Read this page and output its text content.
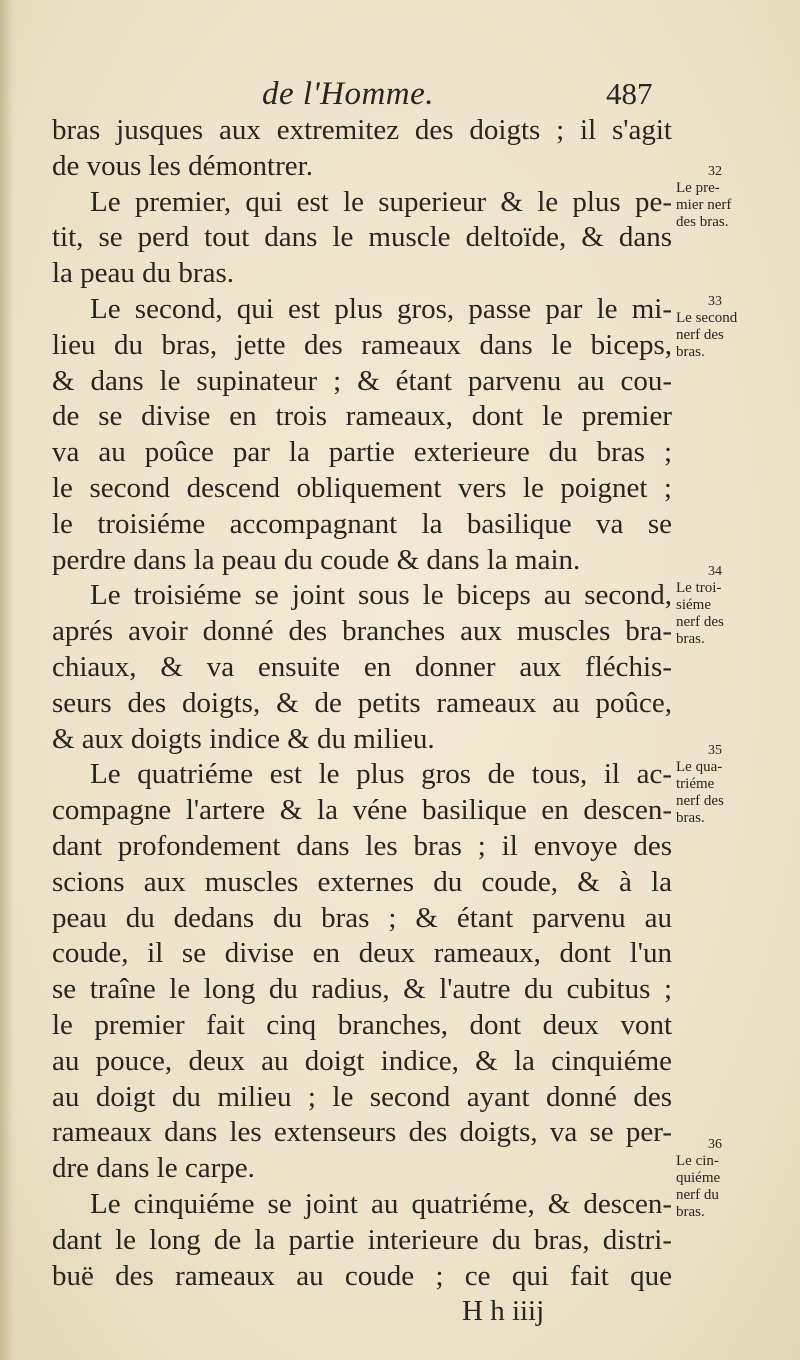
de l'Homme.	487
bras jusques aux extremitez des doigts ; il s'agit
de vous les démontrer.
Le premier, qui est le superieur & le plus pe-
tit, se perd tout dans le muscle deltoïde, & dans
la peau du bras.
Le second, qui est plus gros, passe par le mi-
lieu du bras, jette des rameaux dans le biceps,
& dans le supinateur ; & étant parvenu au cou-
de se divise en trois rameaux, dont le premier
va au poûce par la partie exterieure du bras ;
le second descend obliquement vers le poignet ;
le troisiéme accompagnant la basilique va se
perdre dans la peau du coude & dans la main.
Le troisiéme se joint sous le biceps au second,
aprés avoir donné des branches aux muscles bra-
chiaux, & va ensuite en donner aux fléchis-
seurs des doigts, & de petits rameaux au poûce,
& aux doigts indice & du milieu.
Le quatriéme est le plus gros de tous, il ac-
compagne l'artere & la véne basilique en descen-
dant profondement dans les bras ; il envoye des
scions aux muscles externes du coude, & à la
peau du dedans du bras ; & étant parvenu au
coude, il se divise en deux rameaux, dont l'un
se traîne le long du radius, & l'autre du cubitus ;
le premier fait cinq branches, dont deux vont
au pouce, deux au doigt indice, & la cinquiéme
au doigt du milieu ; le second ayant donné des
rameaux dans les extenseurs des doigts, va se per-
dre dans le carpe.
Le cinquiéme se joint au quatriéme, & descen-
dant le long de la partie interieure du bras, distri-
buë des rameaux au coude ; ce qui fait que
H h iiij
32
Le pre-
mier nerf
des bras.
33
Le second
nerf des
bras.
34
Le troi-
siéme
nerf des
bras.
35
Le qua-
triéme
nerf des
bras.
36
Le cin-
quiéme
nerf du
bras.
